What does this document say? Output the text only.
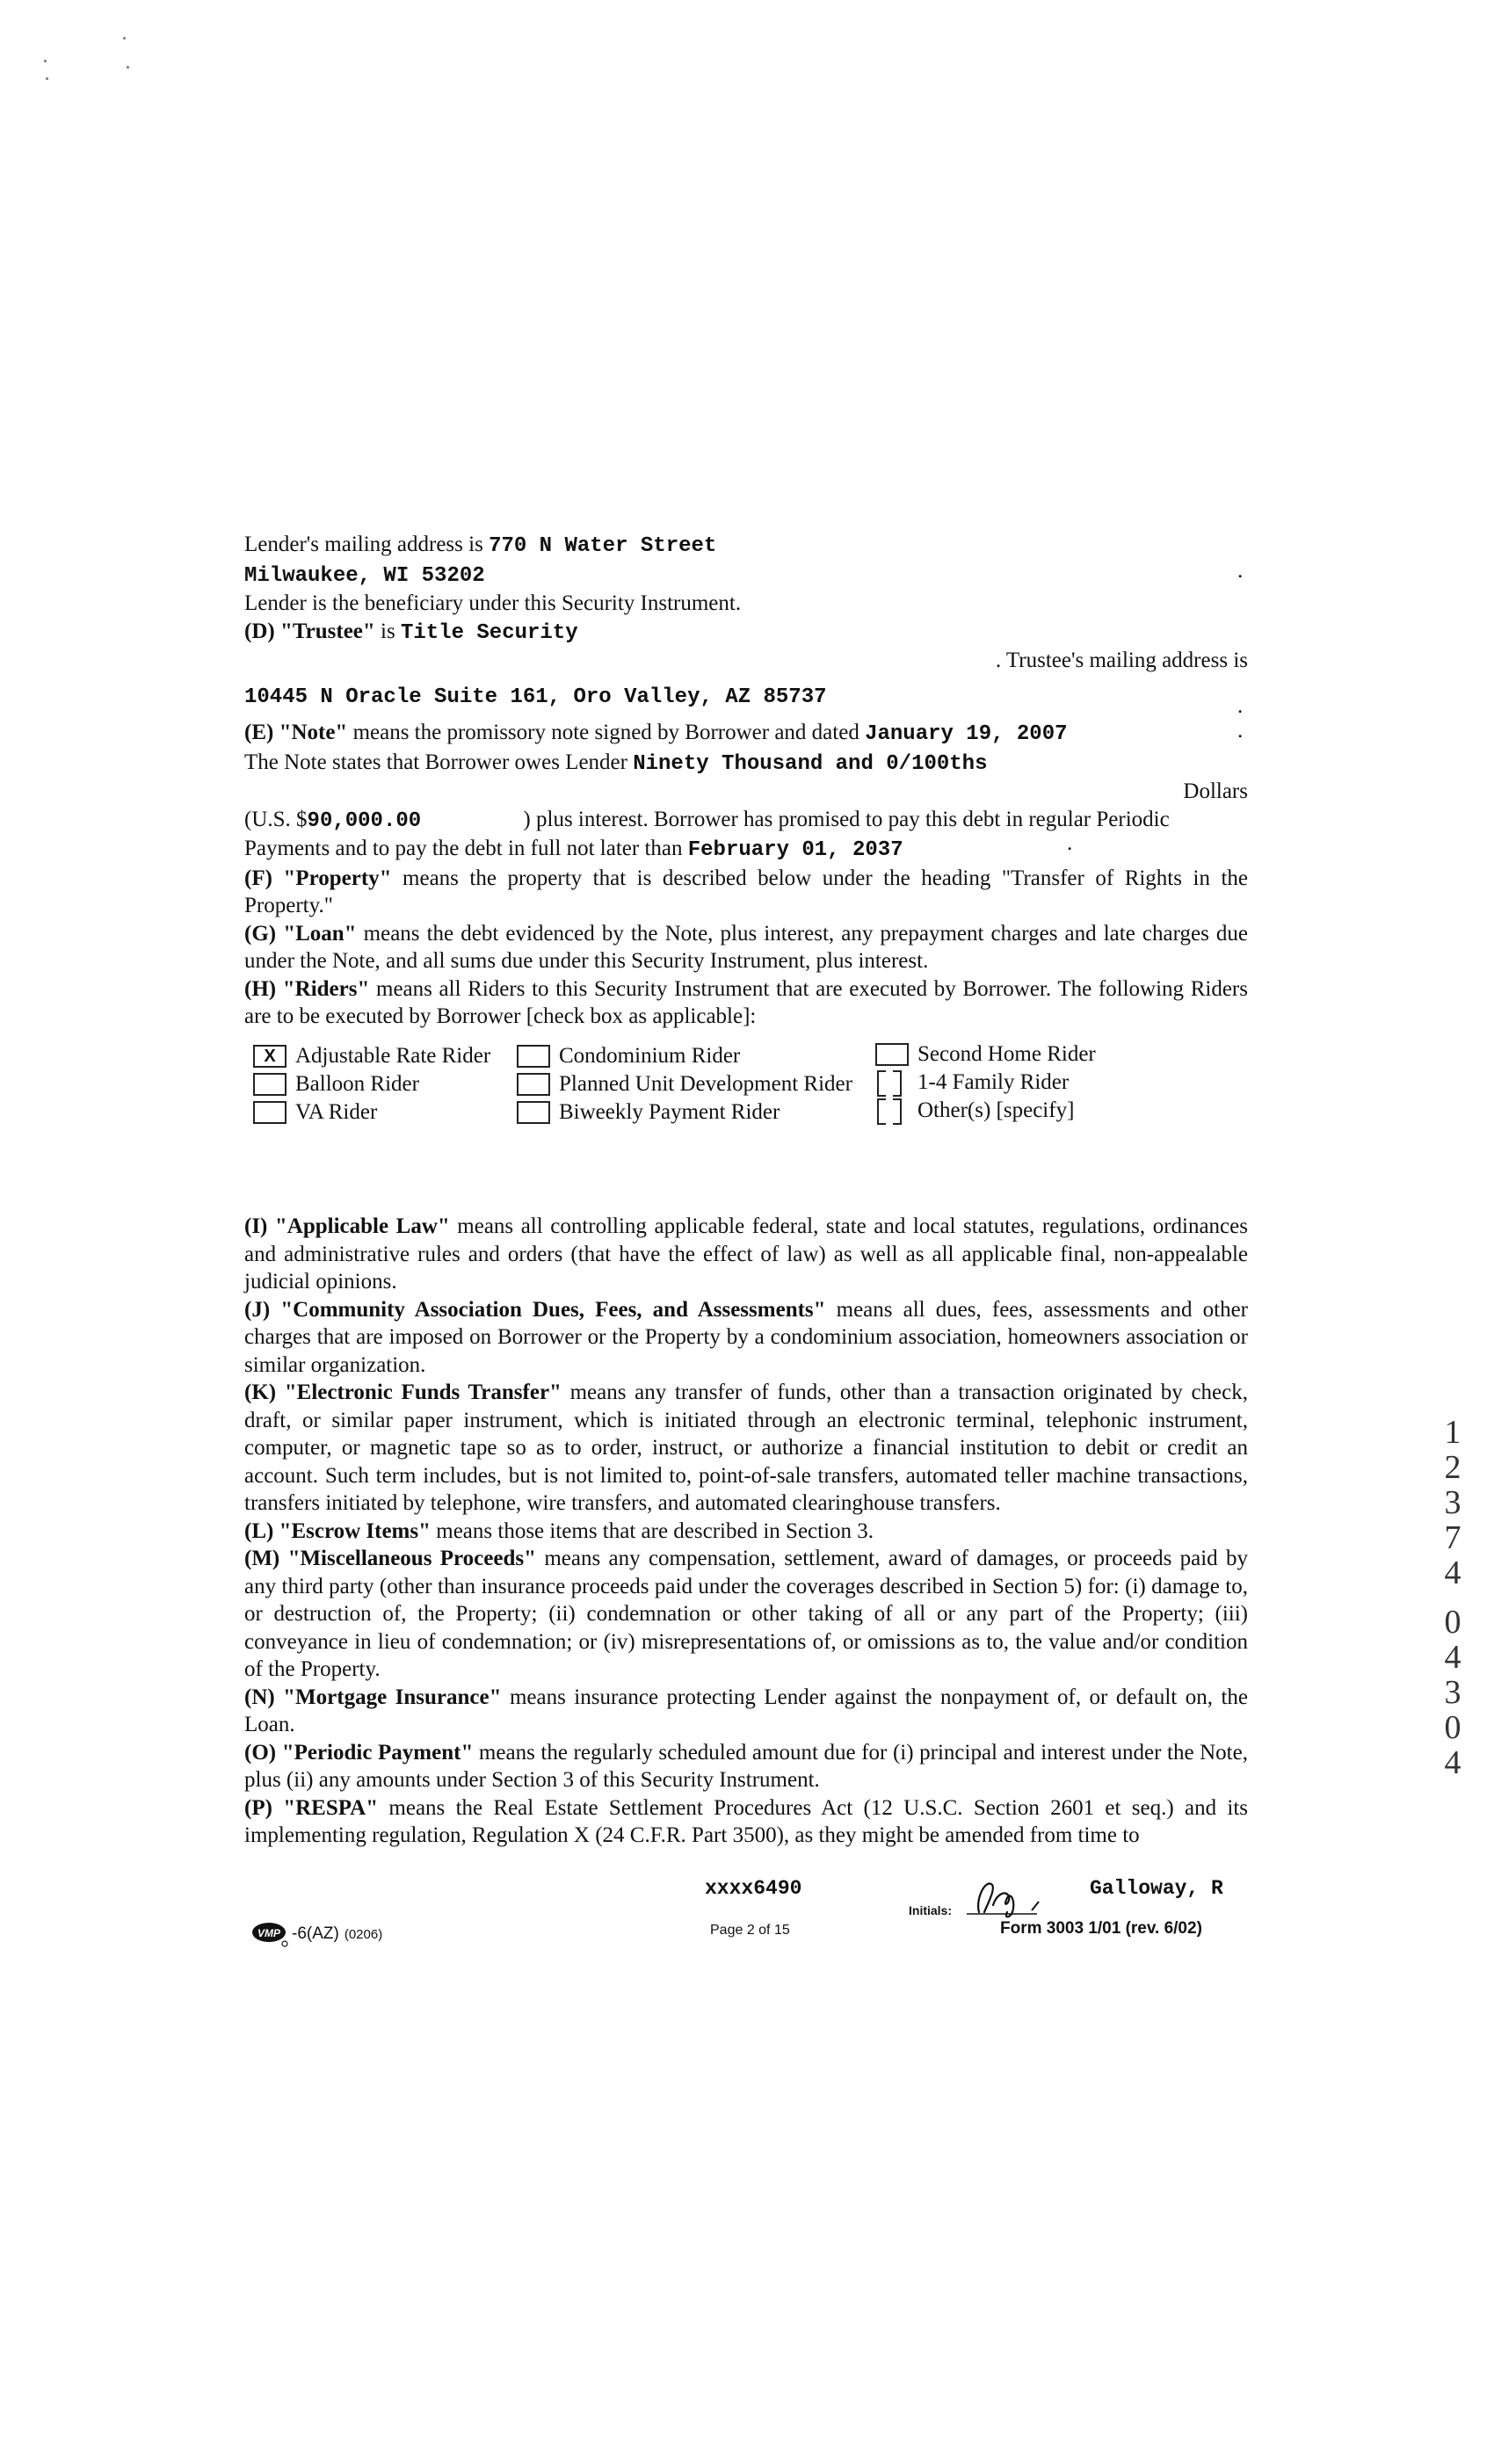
Lender's mailing address is 770 N Water Street
Milwaukee, WI 53202
Lender is the beneficiary under this Security Instrument.
(D) "Trustee" is Title Security

. Trustee's mailing address is
10445 N Oracle Suite 161, Oro Valley, AZ 85737
.
.
(E) "Note" means the promissory note signed by Borrower and dated January 19, 2007
The Note states that Borrower owes Lender Ninety Thousand and 0/100ths
Dollars
(U.S. $90,000.00	) plus interest. Borrower has promised to pay this debt in regular Periodic
Payments and to pay the debt in full not later than February 01, 2037
(F) "Property" means the property that is described below under the heading "Transfer of Rights in the Property."
(G) "Loan" means the debt evidenced by the Note, plus interest, any prepayment charges and late charges due under the Note, and all sums due under this Security Instrument, plus interest.
(H) "Riders" means all Riders to this Security Instrument that are executed by Borrower. The following Riders are to be executed by Borrower [check box as applicable]:
.
.
X Adjustable Rate Rider	Condominium Rider	Second Home Rider
Balloon Rider	Planned Unit Development Rider	1-4 Family Rider
VA Rider	Biweekly Payment Rider	Other(s) [specify]
(I) "Applicable Law" means all controlling applicable federal, state and local statutes, regulations, ordinances and administrative rules and orders (that have the effect of law) as well as all applicable final, non-appealable judicial opinions.
(J) "Community Association Dues, Fees, and Assessments" means all dues, fees, assessments and other charges that are imposed on Borrower or the Property by a condominium association, homeowners association or similar organization.
(K) "Electronic Funds Transfer" means any transfer of funds, other than a transaction originated by check, draft, or similar paper instrument, which is initiated through an electronic terminal, telephonic instrument, computer, or magnetic tape so as to order, instruct, or authorize a financial institution to debit or credit an account. Such term includes, but is not limited to, point-of-sale transfers, automated teller machine transactions, transfers initiated by telephone, wire transfers, and automated clearinghouse transfers.
(L) "Escrow Items" means those items that are described in Section 3.
(M) "Miscellaneous Proceeds" means any compensation, settlement, award of damages, or proceeds paid by any third party (other than insurance proceeds paid under the coverages described in Section 5) for: (i) damage to, or destruction of, the Property; (ii) condemnation or other taking of all or any part of the Property; (iii) conveyance in lieu of condemnation; or (iv) misrepresentations of, or omissions as to, the value and/or condition of the Property.
(N) "Mortgage Insurance" means insurance protecting Lender against the nonpayment of, or default on, the Loan.
(O) "Periodic Payment" means the regularly scheduled amount due for (i) principal and interest under the Note, plus (ii) any amounts under Section 3 of this Security Instrument.
(P) "RESPA" means the Real Estate Settlement Procedures Act (12 U.S.C. Section 2601 et seq.) and its implementing regulation, Regulation X (24 C.F.R. Part 3500), as they might be amended from time to
xxxx6490	Galloway, R
VMP -6(AZ) (0206)	Page 2 of 15
Initials:
Form 3003 1/01 (rev. 6/02)
1
2
3
7
4
0
4
3
0
4
